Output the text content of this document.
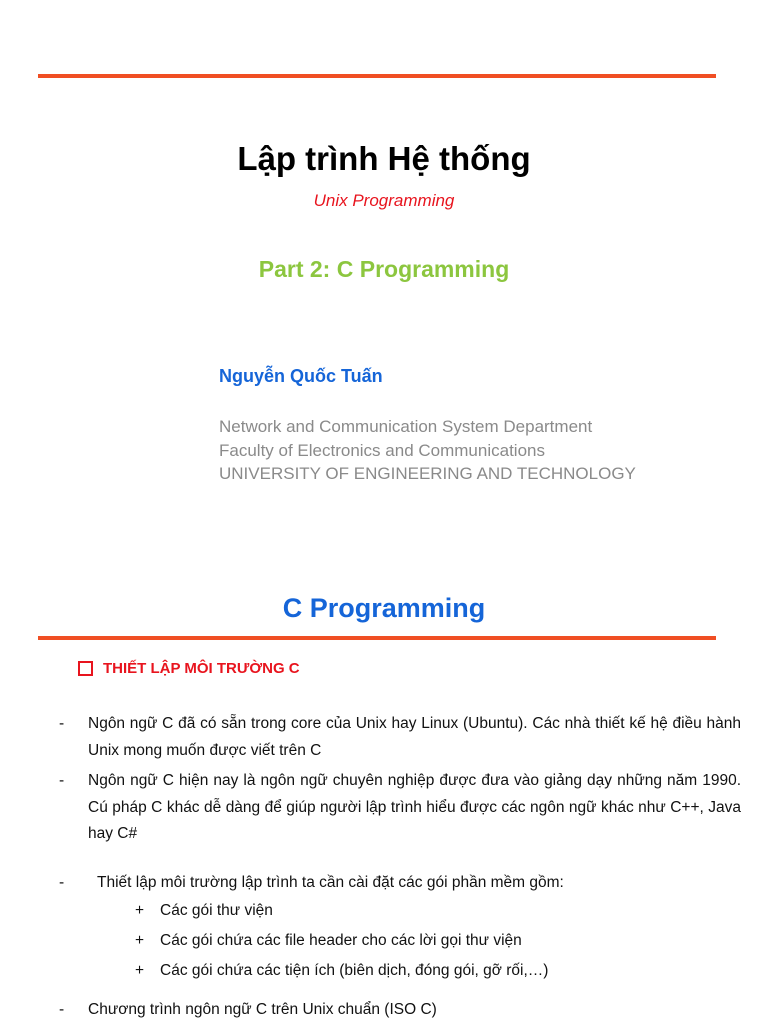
Lập trình Hệ thống
Unix Programming
Part 2: C Programming
Nguyễn Quốc Tuấn
Network and Communication System Department
Faculty of Electronics and Communications
UNIVERSITY OF ENGINEERING AND TECHNOLOGY
C Programming
THIẾT LẬP MÔI TRƯỜNG C
-	Ngôn ngữ C đã có sẵn trong core của Unix hay Linux (Ubuntu). Các nhà thiết kế hệ điều hành Unix mong muốn được viết trên C
-	Ngôn ngữ C hiện nay là ngôn ngữ chuyên nghiệp được đưa vào giảng dạy những năm 1990. Cú pháp C khác dễ dàng để giúp người lập trình hiểu được các ngôn ngữ khác như C++, Java hay C#
-	Thiết lập môi trường lập trình ta cần cài đặt các gói phần mềm gồm:
+	Các gói thư viện
+	Các gói chứa các file header cho các lời gọi thư viện
+	Các gói chứa các tiện ích (biên dịch, đóng gói, gỡ rối,…)
-	Chương trình ngôn ngữ C trên Unix chuẩn (ISO C)
